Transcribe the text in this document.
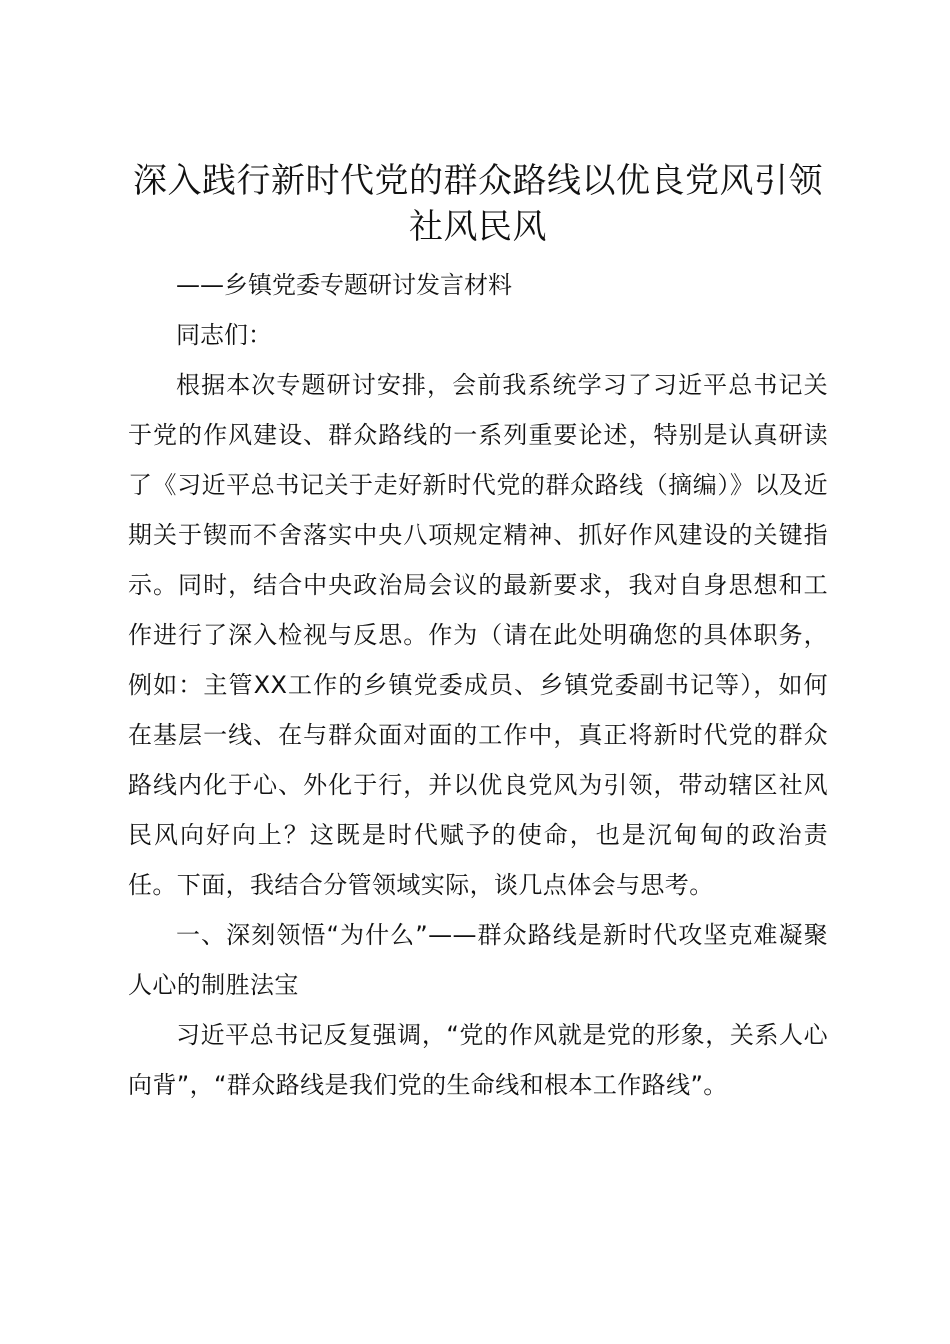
深入践行新时代党的群众路线以优良党风引领
社风民风

——乡镇党委专题研讨发言材料

同志们：

根据本次专题研讨安排，会前我系统学习了习近平总书记关于党的作风建设、群众路线的一系列重要论述，特别是认真研读了《习近平总书记关于走好新时代党的群众路线（摘编）》以及近期关于锲而不舍落实中央八项规定精神、抓好作风建设的关键指示。同时，结合中央政治局会议的最新要求，我对自身思想和工作进行了深入检视与反思。作为（请在此处明确您的具体职务，例如：主管XX工作的乡镇党委成员、乡镇党委副书记等），如何在基层一线、在与群众面对面的工作中，真正将新时代党的群众路线内化于心、外化于行，并以优良党风为引领，带动辖区社风民风向好向上？这既是时代赋予的使命，也是沉甸甸的政治责任。下面，我结合分管领域实际，谈几点体会与思考。

一、深刻领悟“为什么”——群众路线是新时代攻坚克难凝聚人心的制胜法宝

习近平总书记反复强调，“党的作风就是党的形象，关系人心向背”，“群众路线是我们党的生命线和根本工作路线”。
